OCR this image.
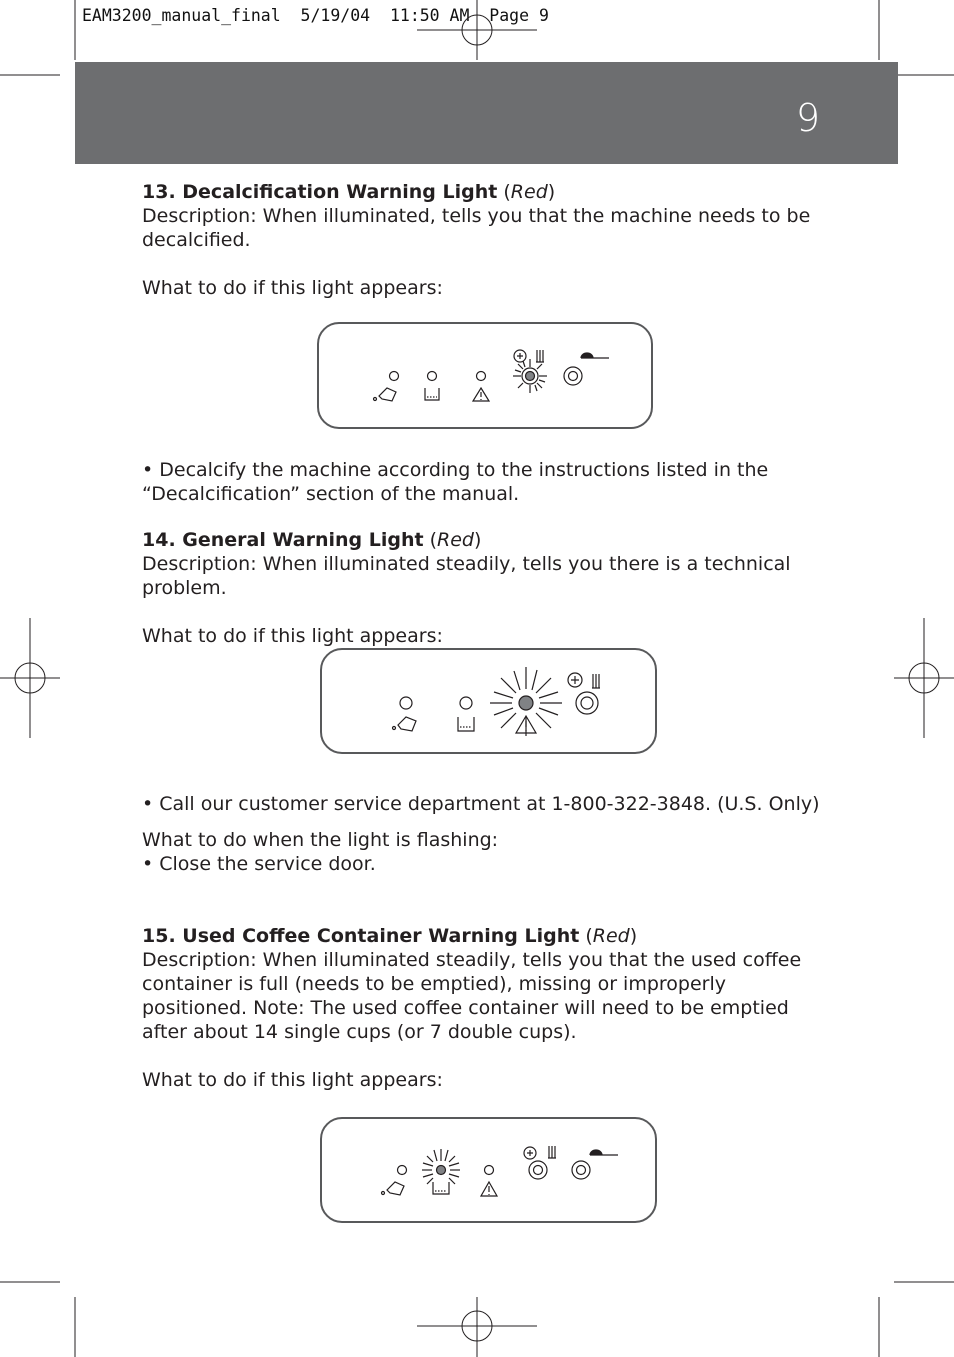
EAM3200_manual_final  5/19/04  11:50 AM  Page 9
9

13. Decalcification Warning Light (Red)

Description: When illuminated, tells you that the machine needs to be decalcified.

What to do if this light appears:

• Decalcify the machine according to the instructions listed in the “Decalcification” section of the manual.

14. General Warning Light (Red)

Description: When illuminated steadily, tells you there is a technical problem.

What to do if this light appears:

• Call our customer service department at 1-800-322-3848. (U.S. Only)

What to do when the light is flashing:

• Close the service door.

15. Used Coffee Container Warning Light (Red)

Description: When illuminated steadily, tells you that the used coffee container is full (needs to be emptied), missing or improperly positioned. Note: The used coffee container will need to be emptied after about 14 single cups (or 7 double cups).

What to do if this light appears:
